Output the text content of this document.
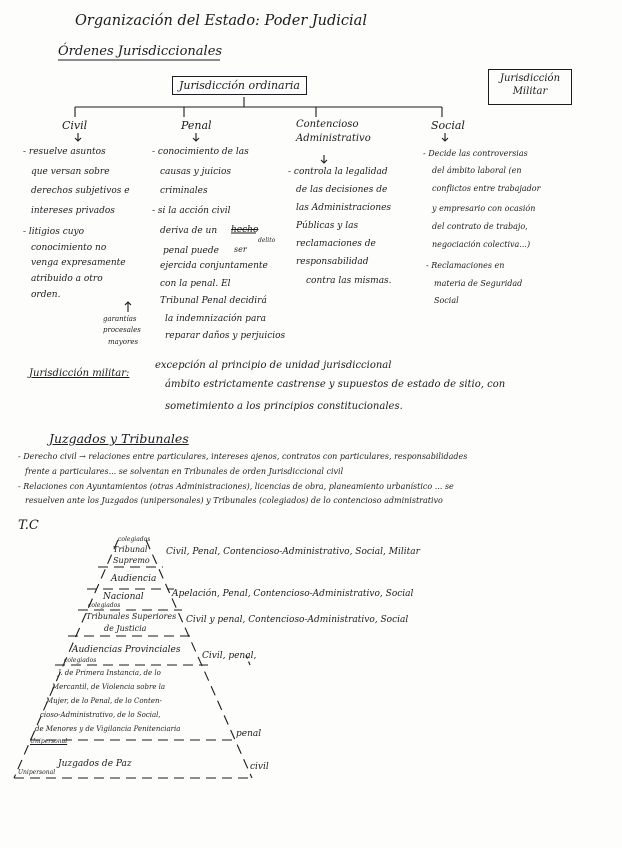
Organización del Estado: Poder Judicial
Órdenes Jurisdiccionales
Jurisdicción ordinaria
Jurisdicción
Militar
Civil	Penal	Contencioso
Administrativo
Social
- resuelve asuntos
que versan sobre
derechos subjetivos e
intereses privados
- litigios cuyo
conocimiento no
venga expresamente
atribuido a otro
orden.
garantías
procesales
mayores
- conocimiento de las
causas y juicios
criminales
- si la acción civil
deriva de un hecho
delito
penal puede ser
ejercida conjuntamente
con la penal. El
Tribunal Penal decidirá
la indemnización para
reparar daños y perjuicios
- controla la legalidad
de las decisiones de
las Administraciones
Públicas y las
reclamaciones de
responsabilidad
contra las mismas.
- Decide las controversias
del ámbito laboral (en
conflictos entre trabajador
y empresario con ocasión
del contrato de trabajo,
negociación colectiva...)
- Reclamaciones en
materia de Seguridad
Social
Jurisdicción militar:
excepción al principio de unidad jurisdiccional
ámbito estrictamente castrense y supuestos de estado de sitio, con
sometimiento a los principios constitucionales.
Juzgados y Tribunales
- Derecho civil → relaciones entre particulares, intereses ajenos, contratos con particulares, responsabilidades
frente a particulares... se solventan en Tribunales de orden Jurisdiccional civil
- Relaciones con Ayuntamientos (otras Administraciones), licencias de obra, planeamiento urbanístico ... se
resuelven ante los Juzgados (unipersonales) y Tribunales (colegiados) de lo contencioso administrativo
T.C
colegiados
Tribunal
Supremo
Civil, Penal, Contencioso-Administrativo, Social, Militar
Audiencia
Nacional	Apelación, Penal, Contencioso-Administrativo, Social
colegiados
Tribunales Superiores
de Justicia
Civil y penal, Contencioso-Administrativo, Social
Audiencias Provinciales
colegiados	Civil, penal,
J. de Primera Instancia, de lo
Mercantil, de Violencia sobre la
Mujer, de lo Penal, de lo Conten-
cioso-Administrativo, de lo Social,
de Menores y de Vigilancia Penitenciaria
Unipersonal
penal
Juzgados de Paz
Unipersonal
civil
